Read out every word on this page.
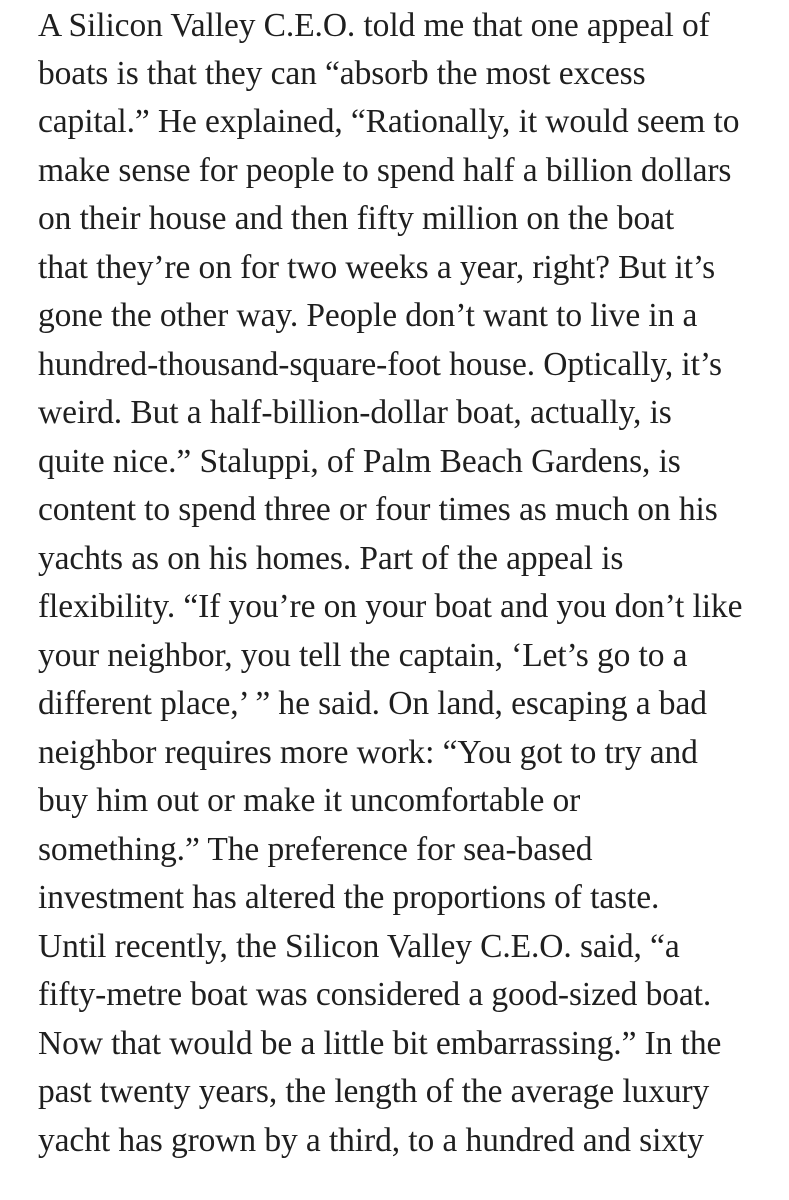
A Silicon Valley C.E.O. told me that one appeal of
boats is that they can “absorb the most excess
capital.” He explained, “Rationally, it would seem to
make sense for people to spend half a billion dollars
on their house and then fifty million on the boat
that they’re on for two weeks a year, right? But it’s
gone the other way. People don’t want to live in a
hundred-thousand-square-foot house. Optically, it’s
weird. But a half-billion-dollar boat, actually, is
quite nice.” Staluppi, of Palm Beach Gardens, is
content to spend three or four times as much on his
yachts as on his homes. Part of the appeal is
flexibility. “If you’re on your boat and you don’t like
your neighbor, you tell the captain, ‘Let’s go to a
different place,’ ” he said. On land, escaping a bad
neighbor requires more work: “You got to try and
buy him out or make it uncomfortable or
something.” The preference for sea-based
investment has altered the proportions of taste.
Until recently, the Silicon Valley C.E.O. said, “a
fifty-metre boat was considered a good-sized boat.
Now that would be a little bit embarrassing.” In the
past twenty years, the length of the average luxury
yacht has grown by a third, to a hundred and sixty
